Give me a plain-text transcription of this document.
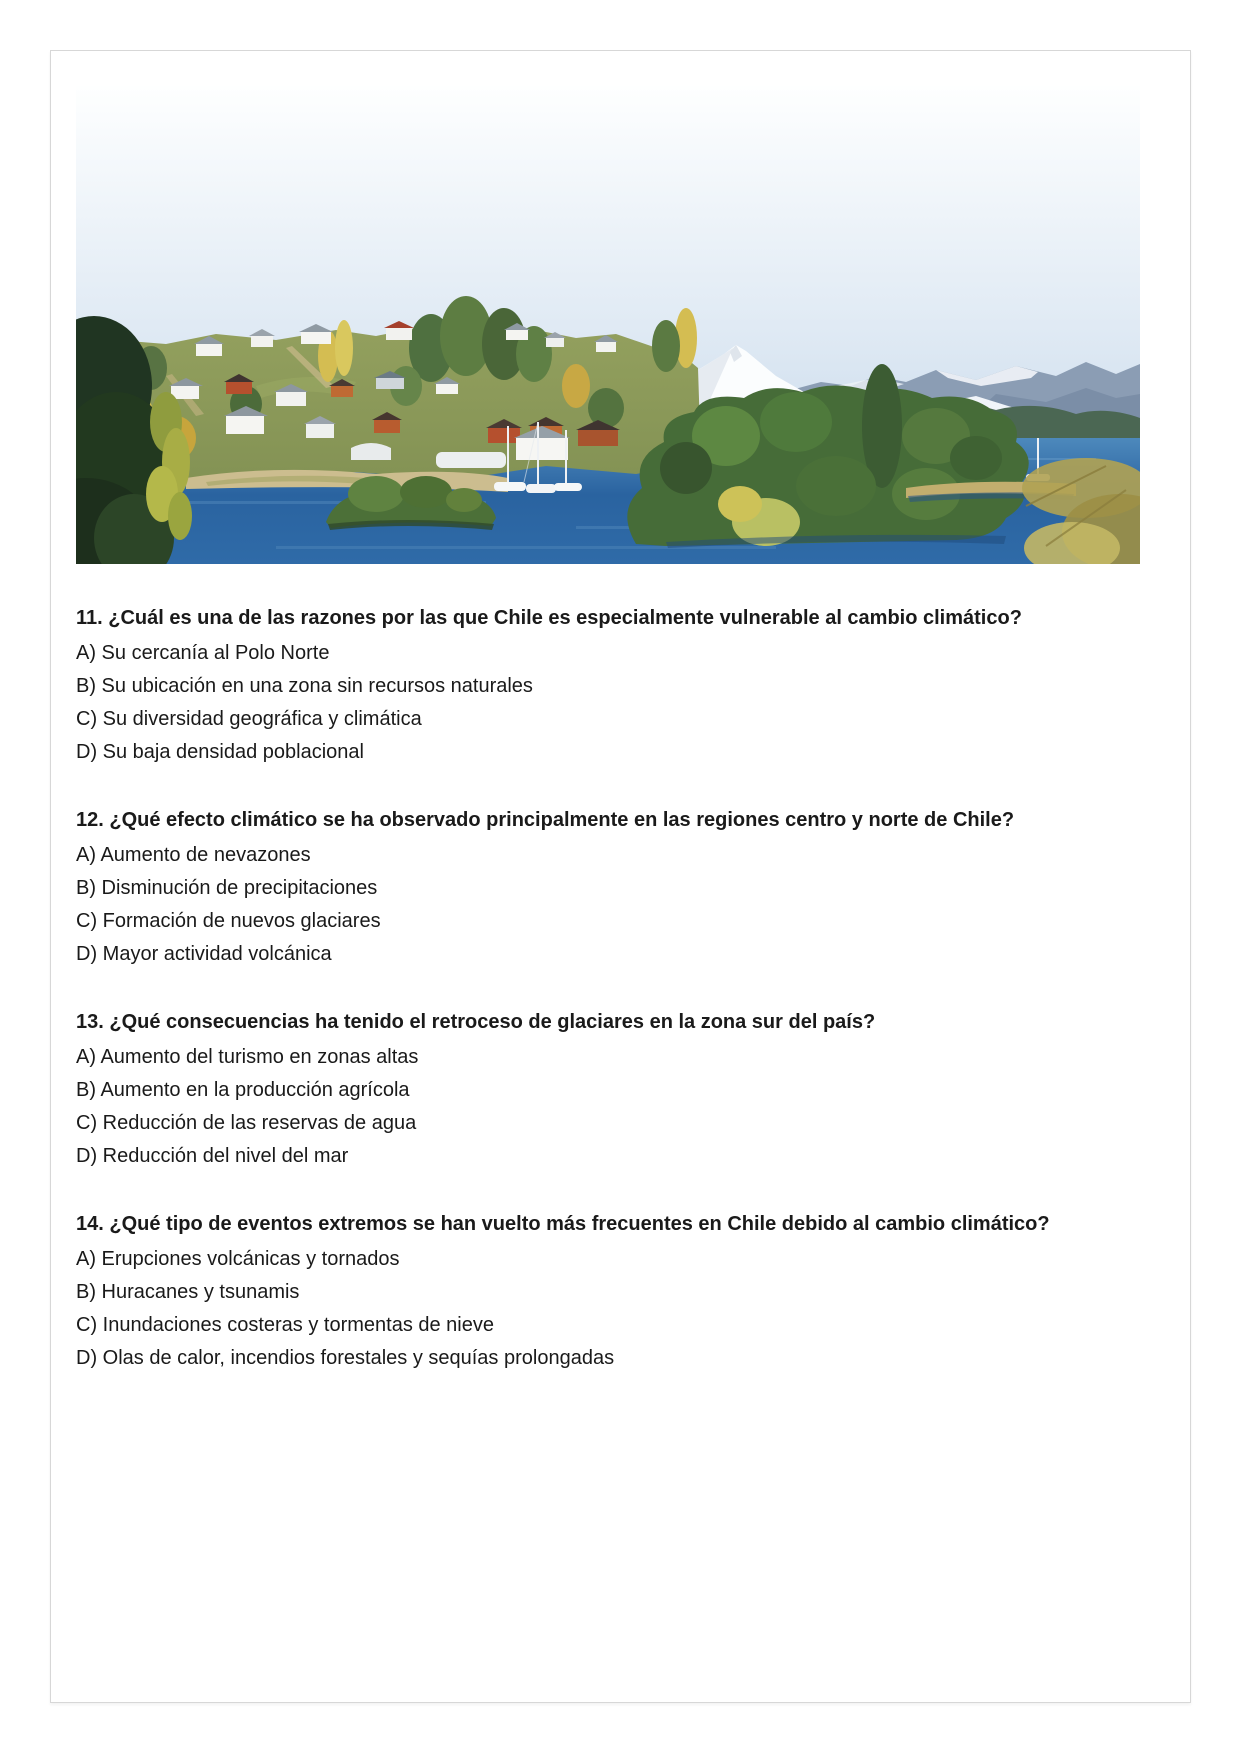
11. ¿Cuál es una de las razones por las que Chile es especialmente vulnerable al cambio climático?

A) Su cercanía al Polo Norte

B) Su ubicación en una zona sin recursos naturales

C) Su diversidad geográfica y climática

D) Su baja densidad poblacional

12. ¿Qué efecto climático se ha observado principalmente en las regiones centro y norte de Chile?

A) Aumento de nevazones

B) Disminución de precipitaciones

C) Formación de nuevos glaciares

D) Mayor actividad volcánica

13. ¿Qué consecuencias ha tenido el retroceso de glaciares en la zona sur del país?

A) Aumento del turismo en zonas altas

B) Aumento en la producción agrícola

C) Reducción de las reservas de agua

D) Reducción del nivel del mar

14. ¿Qué tipo de eventos extremos se han vuelto más frecuentes en Chile debido al cambio climático?

A) Erupciones volcánicas y tornados

B) Huracanes y tsunamis

C) Inundaciones costeras y tormentas de nieve

D) Olas de calor, incendios forestales y sequías prolongadas
